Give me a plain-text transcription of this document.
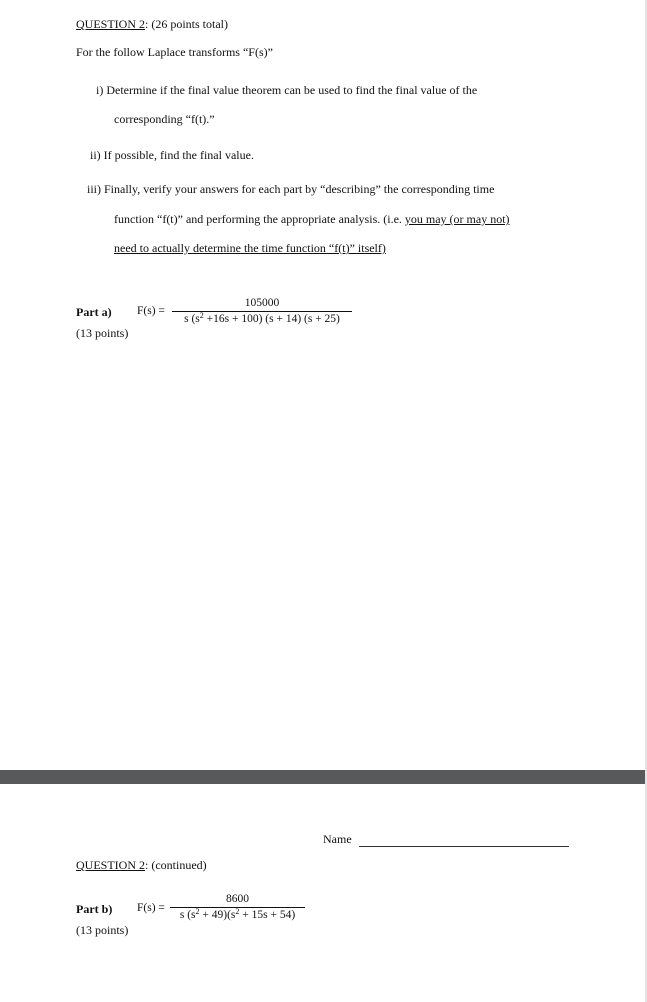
QUESTION 2: (26 points total)
For the follow Laplace transforms “F(s)”
i) Determine if the final value theorem can be used to find the final value of the
corresponding “f(t).”
ii) If possible, find the final value.
iii) Finally, verify your answers for each part by “describing” the corresponding time
function “f(t)” and performing the appropriate analysis. (i.e. you may (or may not)
need to actually determine the time function “f(t)” itself)
Part a)
(13 points)
F(s) =
105000
s $(s^2 +16s + 100) (s + 14) (s + 25)$
Name
QUESTION 2: (continued)
Part b)
(13 points)
F(s) =
8600
s $(s^2 + 49)(s^2 + 15s + 54)$
